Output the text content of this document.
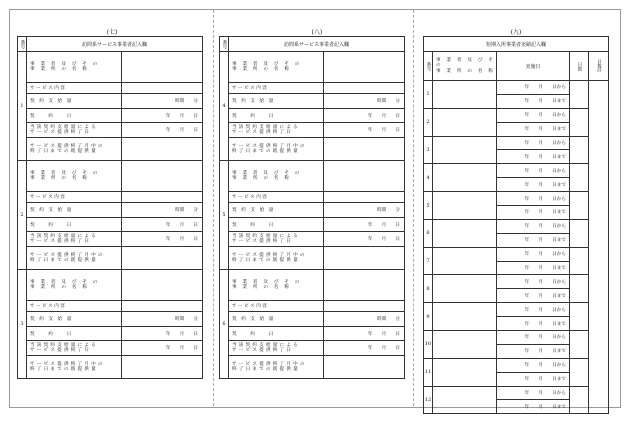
(七)	(八)	(九)
番号	訪問系サービス事業者記入欄	
1	事 業 者 及 び そ の
事 業 所 の 名 称	
	サ ー ビ ス 内 容	
	契　約　支　給　量	時間　　分
	契　　　約　　　日	年　　月　　日
	当該契約支給量による
サービス提供終了日	年　　月　　日
	サービス提供終了月中の
終了日までの既提供量	
2	事 業 者 及 び そ の
事 業 所 の 名 称	
	サ ー ビ ス 内 容	
	契　約　支　給　量	時間　　分
	契　　　約　　　日	年　　月　　日
	当該契約支給量による
サービス提供終了日	年　　月　　日
	サービス提供終了月中の
終了日までの既提供量	
3	事 業 者 及 び そ の
事 業 所 の 名 称	
	サ ー ビ ス 内 容	
	契　約　支　給　量	時間　　分
	契　　　約　　　日	年　　月　　日
	当該契約支給量による
サービス提供終了日	年　　月　　日
	サービス提供終了月中の
終了日までの既提供量	
番号	訪問系サービス事業者記入欄	
4	事 業 者 及 び そ の
事 業 所 の 名 称	
	サ ー ビ ス 内 容	
	契　約　支　給　量	時間　　分
	契　　　約　　　日	年　　月　　日
	当該契約支給量による
サービス提供終了日	年　　月　　日
	サービス提供終了月中の
終了日までの既提供量	
5	事 業 者 及 び そ の
事 業 所 の 名 称	
	サ ー ビ ス 内 容	
	契　約　支　給　量	時間　　分
	契　　　約　　　日	年　　月　　日
	当該契約支給量による
サービス提供終了日	年　　月　　日
	サービス提供終了月中の
終了日までの既提供量	
6	事 業 者 及 び そ の
事 業 所 の 名 称	
	サ ー ビ ス 内 容	
	契　約　支　給　量	時間　　分
	契　　　約　　　日	年　　月　　日
	当該契約支給量による
サービス提供終了日	年　　月　　日
	サービス提供終了月中の
終了日までの既提供量	
短期入所事業者実績記入欄				
番号	事 業 者 及 び そ の
事 業 所 の 名 称	実施日	日数	日数計
1		年　　月　　日から		
		年　　月　　日まで		
2		年　　月　　日から		
		年　　月　　日まで		
3		年　　月　　日から		
		年　　月　　日まで		
4		年　　月　　日から		
		年　　月　　日まで		
5		年　　月　　日から		
		年　　月　　日まで		
6		年　　月　　日から		
		年　　月　　日まで		
7		年　　月　　日から		
		年　　月　　日まで		
8		年　　月　　日から		
		年　　月　　日まで		
9		年　　月　　日から		
		年　　月　　日まで		
10		年　　月　　日から		
		年　　月　　日まで		
11		年　　月　　日から		
		年　　月　　日まで		
12		年　　月　　日から		
		年　　月　　日まで		
